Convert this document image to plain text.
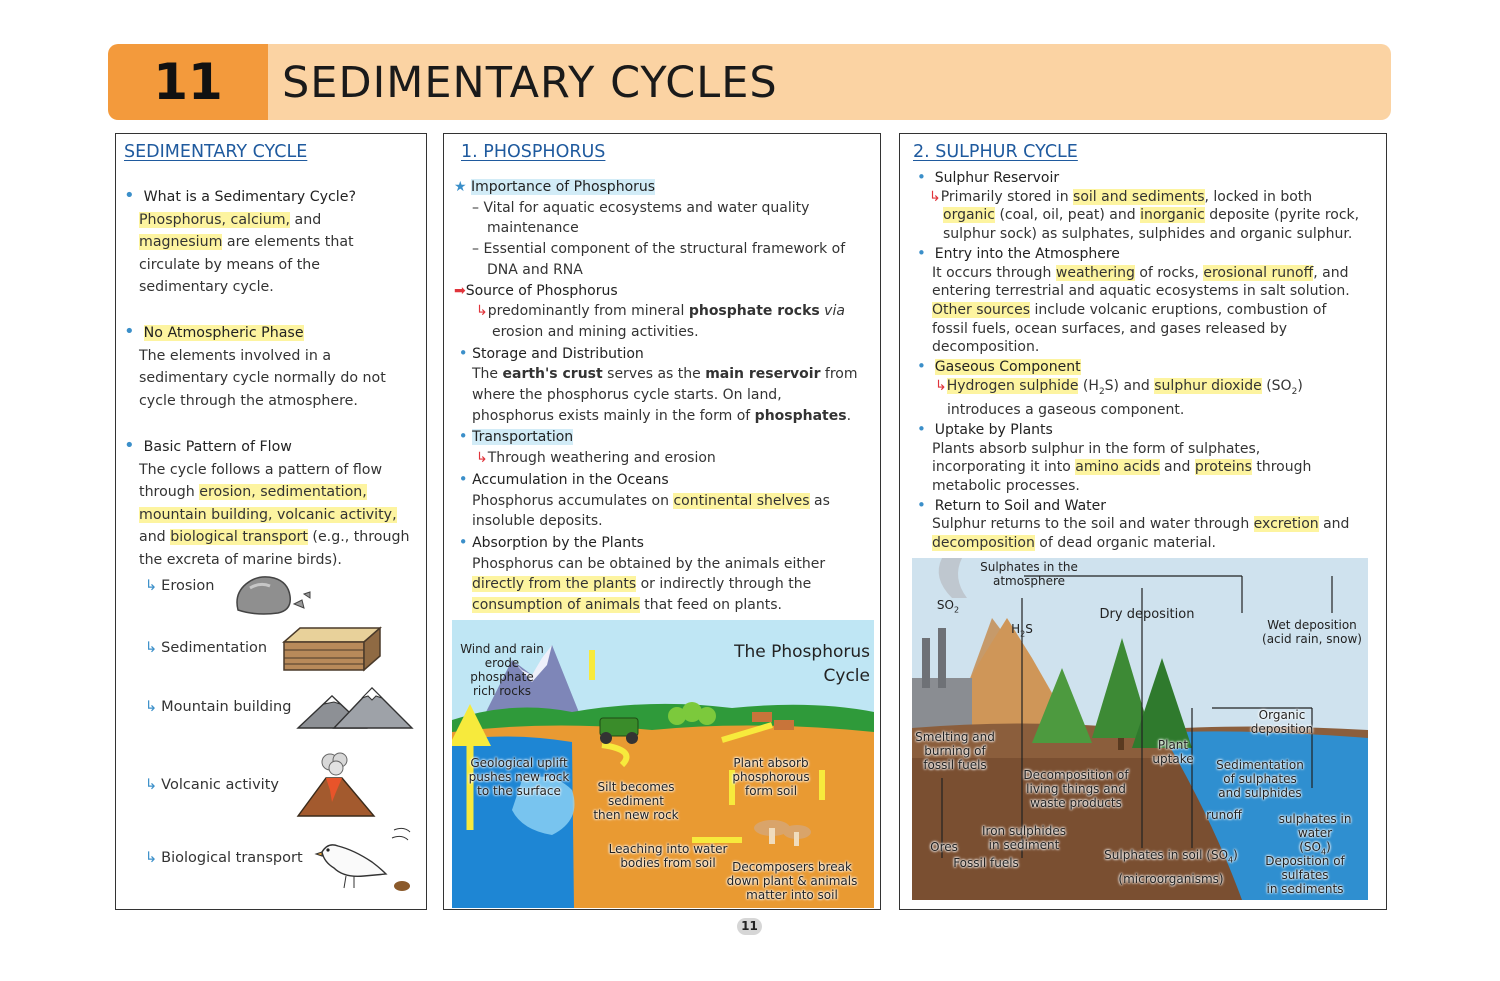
11	SEDIMENTARY CYCLES
SEDIMENTARY CYCLE
• What is a Sedimentary Cycle?
Phosphorus, calcium, and
magnesium are elements that
circulate by means of the
sedimentary cycle.
• No Atmospheric Phase
The elements involved in a
sedimentary cycle normally do not
cycle through the atmosphere.
• Basic Pattern of Flow
The cycle follows a pattern of flow
through erosion, sedimentation,
mountain building, volcanic activity,
and biological transport (e.g., through
the excreta of marine birds).
↳ Erosion
↳ Sedimentation
↳ Mountain building
↳ Volcanic activity
↳ Biological transport
1. PHOSPHORUS
★ Importance of Phosphorus
– Vital for aquatic ecosystems and water quality
maintenance
– Essential component of the structural framework of
DNA and RNA
➡Source of Phosphorus
↳predominantly from mineral phosphate rocks via
erosion and mining activities.
• Storage and Distribution
The earth's crust serves as the main reservoir from
where the phosphorus cycle starts. On land,
phosphorus exists mainly in the form of phosphates.
• Transportation
↳Through weathering and erosion
• Accumulation in the Oceans
Phosphorus accumulates on continental shelves as
insoluble deposits.
• Absorption by the Plants
Phosphorus can be obtained by the animals either
directly from the plants or indirectly through the
consumption of animals that feed on plants.
Wind and rain
erode phosphate
rich rocks
The Phosphorus
Cycle
Geological uplift
pushes new rock
to the surface	Silt becomes
sediment
then new rock
Plant absorb
phosphorous
form soil
Leaching into water
bodies from soil	Decomposers break
down plant & animals
matter into soil
2. SULPHUR CYCLE
• Sulphur Reservoir
↳Primarily stored in soil and sediments, locked in both
organic (coal, oil, peat) and inorganic deposite (pyrite rock,
sulphur sock) as sulphates, sulphides and organic sulphur.
• Entry into the Atmosphere
It occurs through weathering of rocks, erosional runoff, and
entering terrestrial and aquatic ecosystems in salt solution.
Other sources include volcanic eruptions, combustion of
fossil fuels, ocean surfaces, and gases released by
decomposition.
• Gaseous Component
↳Hydrogen sulphide $(H_2S)$ and sulphur dioxide $(SO_2)$
introduces a gaseous component.
• Uptake by Plants
Plants absorb sulphur in the form of sulphates,
incorporating it into amino acids and proteins through
metabolic processes.
• Return to Soil and Water
Sulphur returns to the soil and water through excretion and
decomposition of dead organic material.
Sulphates in the
atmosphere
$SO_2$
$H_2S$
Dry deposition
Wet deposition
(acid rain, snow)
Organic
deposition
Smelting and
burning of
fossil fuels
Plant
uptake
Decomposition of
living things and
waste products
Sedimentation
of sulphates
and sulphides
runoff	sulphates in water
$(SO_4)$
Iron sulphides
in sediment
Ores
Fossil fuels
Sulphates in soil $(SO_4)$
(microorganisms)
Deposition of sulfates
in sediments
11
